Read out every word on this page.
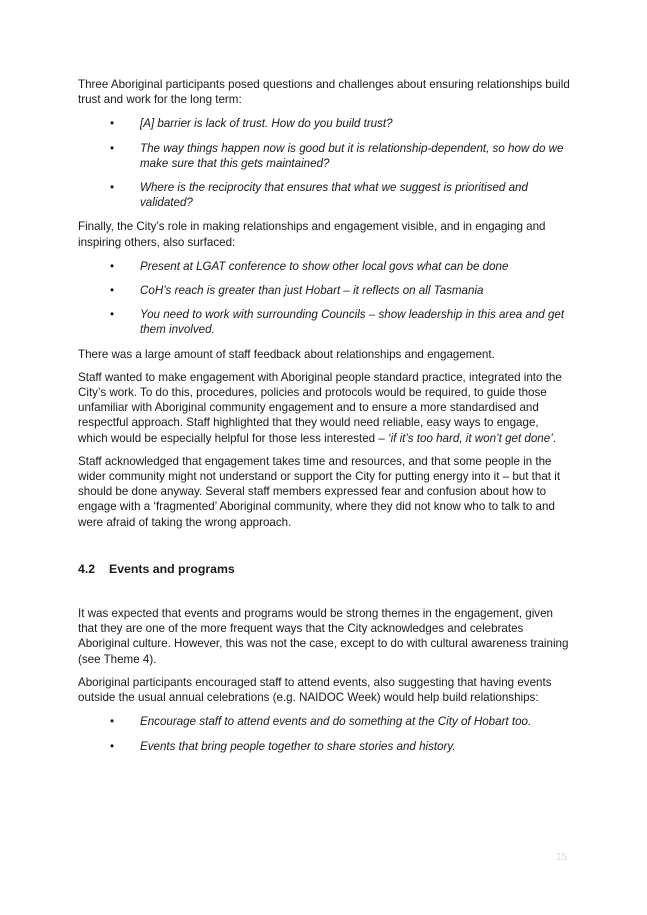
Three Aboriginal participants posed questions and challenges about ensuring relationships build trust and work for the long term:

• [A] barrier is lack of trust. How do you build trust?
• The way things happen now is good but it is relationship-dependent, so how do we make sure that this gets maintained?
• Where is the reciprocity that ensures that what we suggest is prioritised and validated?

Finally, the City’s role in making relationships and engagement visible, and in engaging and inspiring others, also surfaced:

• Present at LGAT conference to show other local govs what can be done
• CoH’s reach is greater than just Hobart – it reflects on all Tasmania
• You need to work with surrounding Councils – show leadership in this area and get them involved.

There was a large amount of staff feedback about relationships and engagement.

Staff wanted to make engagement with Aboriginal people standard practice, integrated into the City’s work. To do this, procedures, policies and protocols would be required, to guide those unfamiliar with Aboriginal community engagement and to ensure a more standardised and respectful approach. Staff highlighted that they would need reliable, easy ways to engage, which would be especially helpful for those less interested – ‘if it’s too hard, it won’t get done’.

Staff acknowledged that engagement takes time and resources, and that some people in the wider community might not understand or support the City for putting energy into it – but that it should be done anyway. Several staff members expressed fear and confusion about how to engage with a ‘fragmented’ Aboriginal community, where they did not know who to talk to and were afraid of taking the wrong approach.

4.2 Events and programs

It was expected that events and programs would be strong themes in the engagement, given that they are one of the more frequent ways that the City acknowledges and celebrates Aboriginal culture. However, this was not the case, except to do with cultural awareness training (see Theme 4).

Aboriginal participants encouraged staff to attend events, also suggesting that having events outside the usual annual celebrations (e.g. NAIDOC Week) would help build relationships:

• Encourage staff to attend events and do something at the City of Hobart too.
• Events that bring people together to share stories and history.
15
